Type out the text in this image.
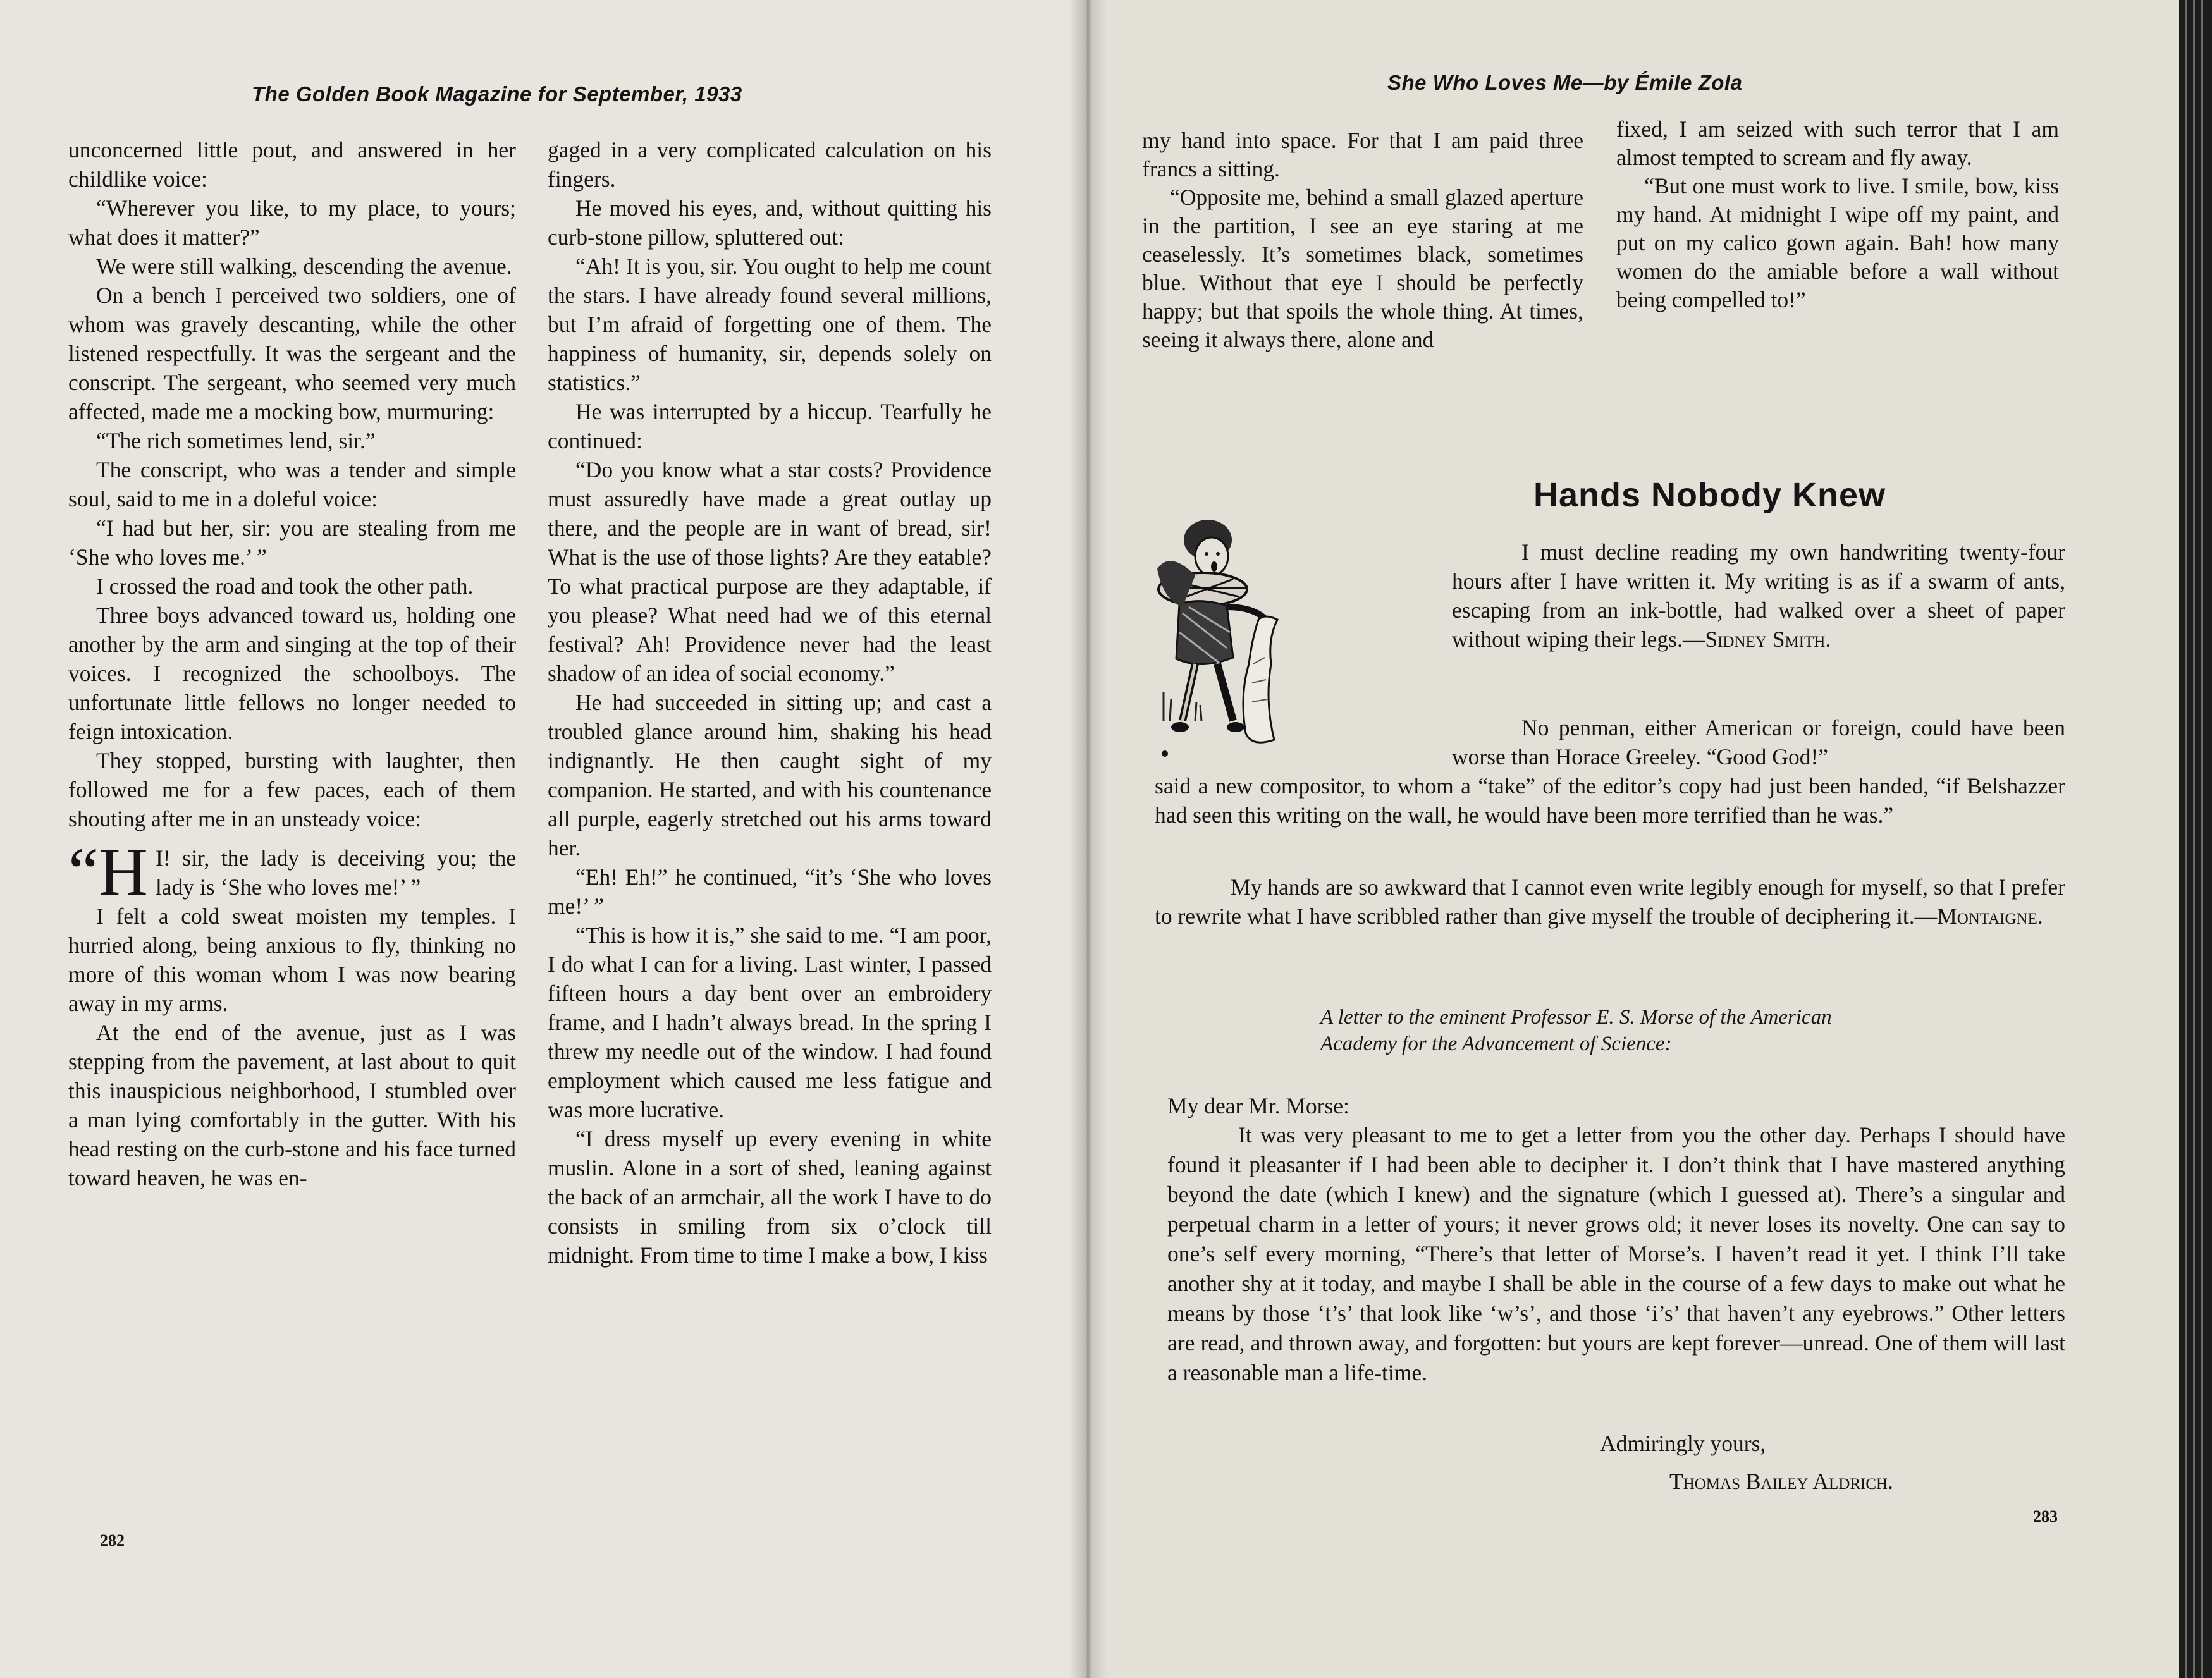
The Golden Book Magazine for September, 1933

unconcerned little pout, and answered in her childlike voice:

“Wherever you like, to my place, to yours; what does it matter?”

We were still walking, descending the avenue.

On a bench I perceived two soldiers, one of whom was gravely descanting, while the other listened respectfully. It was the sergeant and the conscript. The sergeant, who seemed very much affected, made me a mocking bow, murmuring:

“The rich sometimes lend, sir.”

The conscript, who was a tender and simple soul, said to me in a doleful voice:

“I had but her, sir: you are stealing from me ‘She who loves me.’ ”

I crossed the road and took the other path.

Three boys advanced toward us, holding one another by the arm and singing at the top of their voices. I recognized the schoolboys. The unfortunate little fellows no longer needed to feign intoxication.

They stopped, bursting with laughter, then followed me for a few paces, each of them shouting after me in an unsteady voice:

“H I! sir, the lady is deceiving you; the lady is ‘She who loves me!’ ”

I felt a cold sweat moisten my temples. I hurried along, being anxious to fly, thinking no more of this woman whom I was now bearing away in my arms.

At the end of the avenue, just as I was stepping from the pavement, at last about to quit this inauspicious neighborhood, I stumbled over a man lying comfortably in the gutter. With his head resting on the curb-stone and his face turned toward heaven, he was en-

gaged in a very complicated calculation on his fingers.

He moved his eyes, and, without quitting his curb-stone pillow, spluttered out:

“Ah! It is you, sir. You ought to help me count the stars. I have already found several millions, but I’m afraid of forgetting one of them. The happiness of humanity, sir, depends solely on statistics.”

He was interrupted by a hiccup. Tearfully he continued:

“Do you know what a star costs? Providence must assuredly have made a great outlay up there, and the people are in want of bread, sir! What is the use of those lights? Are they eatable? To what practical purpose are they adaptable, if you please? What need had we of this eternal festival? Ah! Providence never had the least shadow of an idea of social economy.”

He had succeeded in sitting up; and cast a troubled glance around him, shaking his head indignantly. He then caught sight of my companion. He started, and with his countenance all purple, eagerly stretched out his arms toward her.

“Eh! Eh!” he continued, “it’s ‘She who loves me!’ ”

“This is how it is,” she said to me. “I am poor, I do what I can for a living. Last winter, I passed fifteen hours a day bent over an embroidery frame, and I hadn’t always bread. In the spring I threw my needle out of the window. I had found employment which caused me less fatigue and was more lucrative.

“I dress myself up every evening in white muslin. Alone in a sort of shed, leaning against the back of an armchair, all the work I have to do consists in smiling from six o’clock till midnight. From time to time I make a bow, I kiss

282
She Who Loves Me—by Émile Zola

my hand into space. For that I am paid three francs a sitting.

“Opposite me, behind a small glazed aperture in the partition, I see an eye staring at me ceaselessly. It’s sometimes black, sometimes blue. Without that eye I should be perfectly happy; but that spoils the whole thing. At times, seeing it always there, alone and

fixed, I am seized with such terror that I am almost tempted to scream and fly away.

“But one must work to live. I smile, bow, kiss my hand. At midnight I wipe off my paint, and put on my calico gown again. Bah! how many women do the amiable before a wall without being compelled to!”

Hands Nobody Knew

I must decline reading my own handwriting twenty-four hours after I have written it. My writing is as if a swarm of ants, escaping from an ink-bottle, had walked over a sheet of paper without wiping their legs.—Sidney Smith.

No penman, either American or foreign, could have been worse than Horace Greeley. “Good God!”

said a new compositor, to whom a “take” of the editor’s copy had just been handed, “if Belshazzer had seen this writing on the wall, he would have been more terrified than he was.”

My hands are so awkward that I cannot even write legibly enough for myself, so that I prefer to rewrite what I have scribbled rather than give myself the trouble of deciphering it.—Montaigne.

A letter to the eminent Professor E. S. Morse of the American Academy for the Advancement of Science:
My dear Mr. Morse:

It was very pleasant to me to get a letter from you the other day. Perhaps I should have found it pleasanter if I had been able to decipher it. I don’t think that I have mastered anything beyond the date (which I knew) and the signature (which I guessed at). There’s a singular and perpetual charm in a letter of yours; it never grows old; it never loses its novelty. One can say to one’s self every morning, “There’s that letter of Morse’s. I haven’t read it yet. I think I’ll take another shy at it today, and maybe I shall be able in the course of a few days to make out what he means by those ‘t’s’ that look like ‘w’s’, and those ‘i’s’ that haven’t any eyebrows.” Other letters are read, and thrown away, and forgotten: but yours are kept forever—unread. One of them will last a reasonable man a life-time.

Admiringly yours,
Thomas Bailey Aldrich.
283
